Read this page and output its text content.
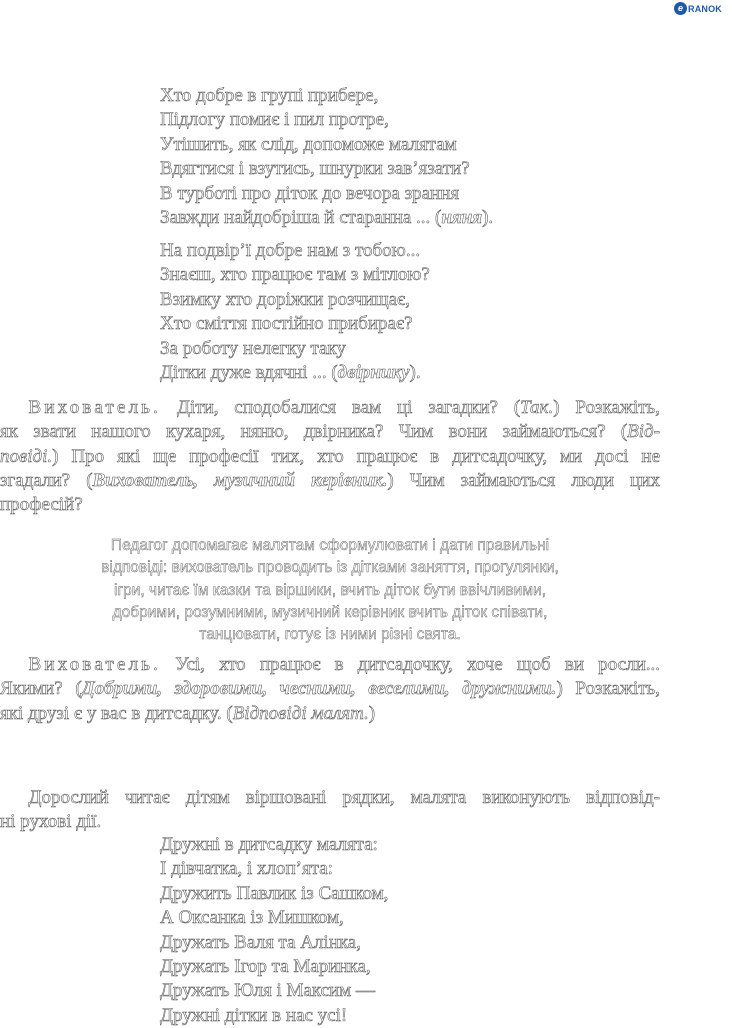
e RANOK
Хто добре в групі прибере,
Підлогу помиє і пил протре,
Утішить, як слід, допоможе малятам
Вдягтися і взутись, шнурки зав’язати?
В турботі про діток до вечора зрання
Завжди найдобріша й старанна ... (няня).
На подвір’ї добре нам з тобою...
Знаєш, хто працює там з мітлою?
Взимку хто доріжки розчищає,
Хто сміття постійно прибирає?
За роботу нелегку таку
Дітки дуже вдячні ... (двірнику).
  Вихователь. Діти, сподобалися вам ці загадки? (Так.) Розкажіть,
як звати нашого кухаря, няню, двірника? Чим вони займаються? (Від-
повіді.) Про які ще професії тих, хто працює в дитсадочку, ми досі не
згадали? (Вихователь, музичний керівник.) Чим займаються люди цих
професій?
Педагог допомагає малятам сформулювати і дати правильні
відповіді: вихователь проводить із дітками заняття, прогулянки,
ігри, читає їм казки та віршики, вчить діток бути ввічливими,
добрими, розумними, музичний керівник вчить діток співати,
танцювати, готує із ними різні свята.
  Вихователь. Усі, хто працює в дитсадочку, хоче щоб ви росли...
Якими? (Добрими, здоровими, чесними, веселими, дружними.) Розкажіть,
які друзі є у вас в дитсадку. (Відповіді малят.)
  Дорослий читає дітям віршовані рядки, малята виконують відповід-
ні рухові дії.
Дружні в дитсадку малята:
І дівчатка, і хлоп’ята:
Дружить Павлик із Сашком,
А Оксанка із Мишком,
Дружать Валя та Алінка,
Дружать Ігор та Маринка,
Дружать Юля і Максим —
Дружні дітки в нас усі!
